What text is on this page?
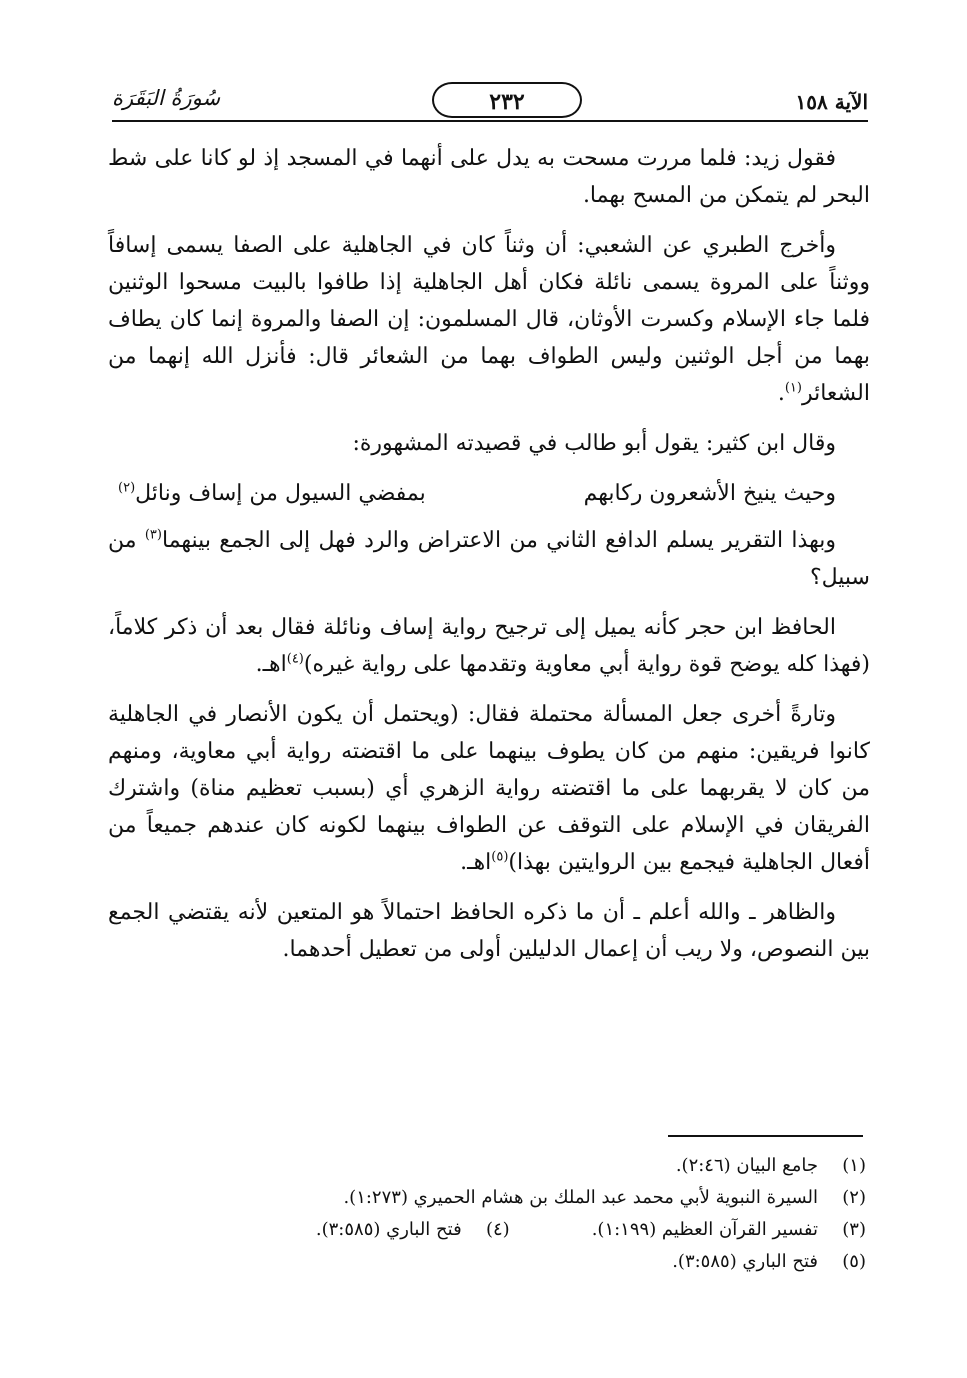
الآية ١٥٨
٢٣٢
سُورَةُ البَقَرَة

فقول زيد: فلما مررت مسحت به يدل على أنهما في المسجد إذ لو كانا على شط البحر لم يتمكن من المسح بهما.

وأخرج الطبري عن الشعبي: أن وثناً كان في الجاهلية على الصفا يسمى إسافاً ووثناً على المروة يسمى نائلة فكان أهل الجاهلية إذا طافوا بالبيت مسحوا الوثنين فلما جاء الإسلام وكسرت الأوثان، قال المسلمون: إن الصفا والمروة إنما كان يطاف بهما من أجل الوثنين وليس الطواف بهما من الشعائر قال: فأنزل الله إنهما من الشعائر$^{(١)}$.

وقال ابن كثير: يقول أبو طالب في قصيدته المشهورة:

وحيث ينيخ الأشعرون ركابهم
بمفضي السيول من إساف ونائل$^{(٢)}$

وبهذا التقرير يسلم الدافع الثاني من الاعتراض والرد فهل إلى الجمع بينهما$^{(٣)}$ من سبيل؟

الحافظ ابن حجر كأنه يميل إلى ترجيح رواية إساف ونائلة فقال بعد أن ذكر كلاماً، (فهذا كله يوضح قوة رواية أبي معاوية وتقدمها على رواية غيره)$^{(٤)}$اهـ.

وتارةً أخرى جعل المسألة محتملة فقال: (ويحتمل أن يكون الأنصار في الجاهلية كانوا فريقين: منهم من كان يطوف بينهما على ما اقتضته رواية أبي معاوية، ومنهم من كان لا يقربهما على ما اقتضته رواية الزهري أي (بسبب تعظيم مناة) واشترك الفريقان في الإسلام على التوقف عن الطواف بينهما لكونه كان عندهم جميعاً من أفعال الجاهلية فيجمع بين الروايتين بهذا)$^{(٥)}$اهـ.

والظاهر ـ والله أعلم ـ أن ما ذكره الحافظ احتمالاً هو المتعين لأنه يقتضي الجمع بين النصوص، ولا ريب أن إعمال الدليلين أولى من تعطيل أحدهما.

(١)
جامع البيان (٢:٤٦).
(٢)
السيرة النبوية لأبي محمد عبد الملك بن هشام الحميري (١:٢٧٣).
(٣)
تفسير القرآن العظيم (١:١٩٩).
(٤)
فتح الباري (٣:٥٨٥).
(٥)
فتح الباري (٣:٥٨٥).
